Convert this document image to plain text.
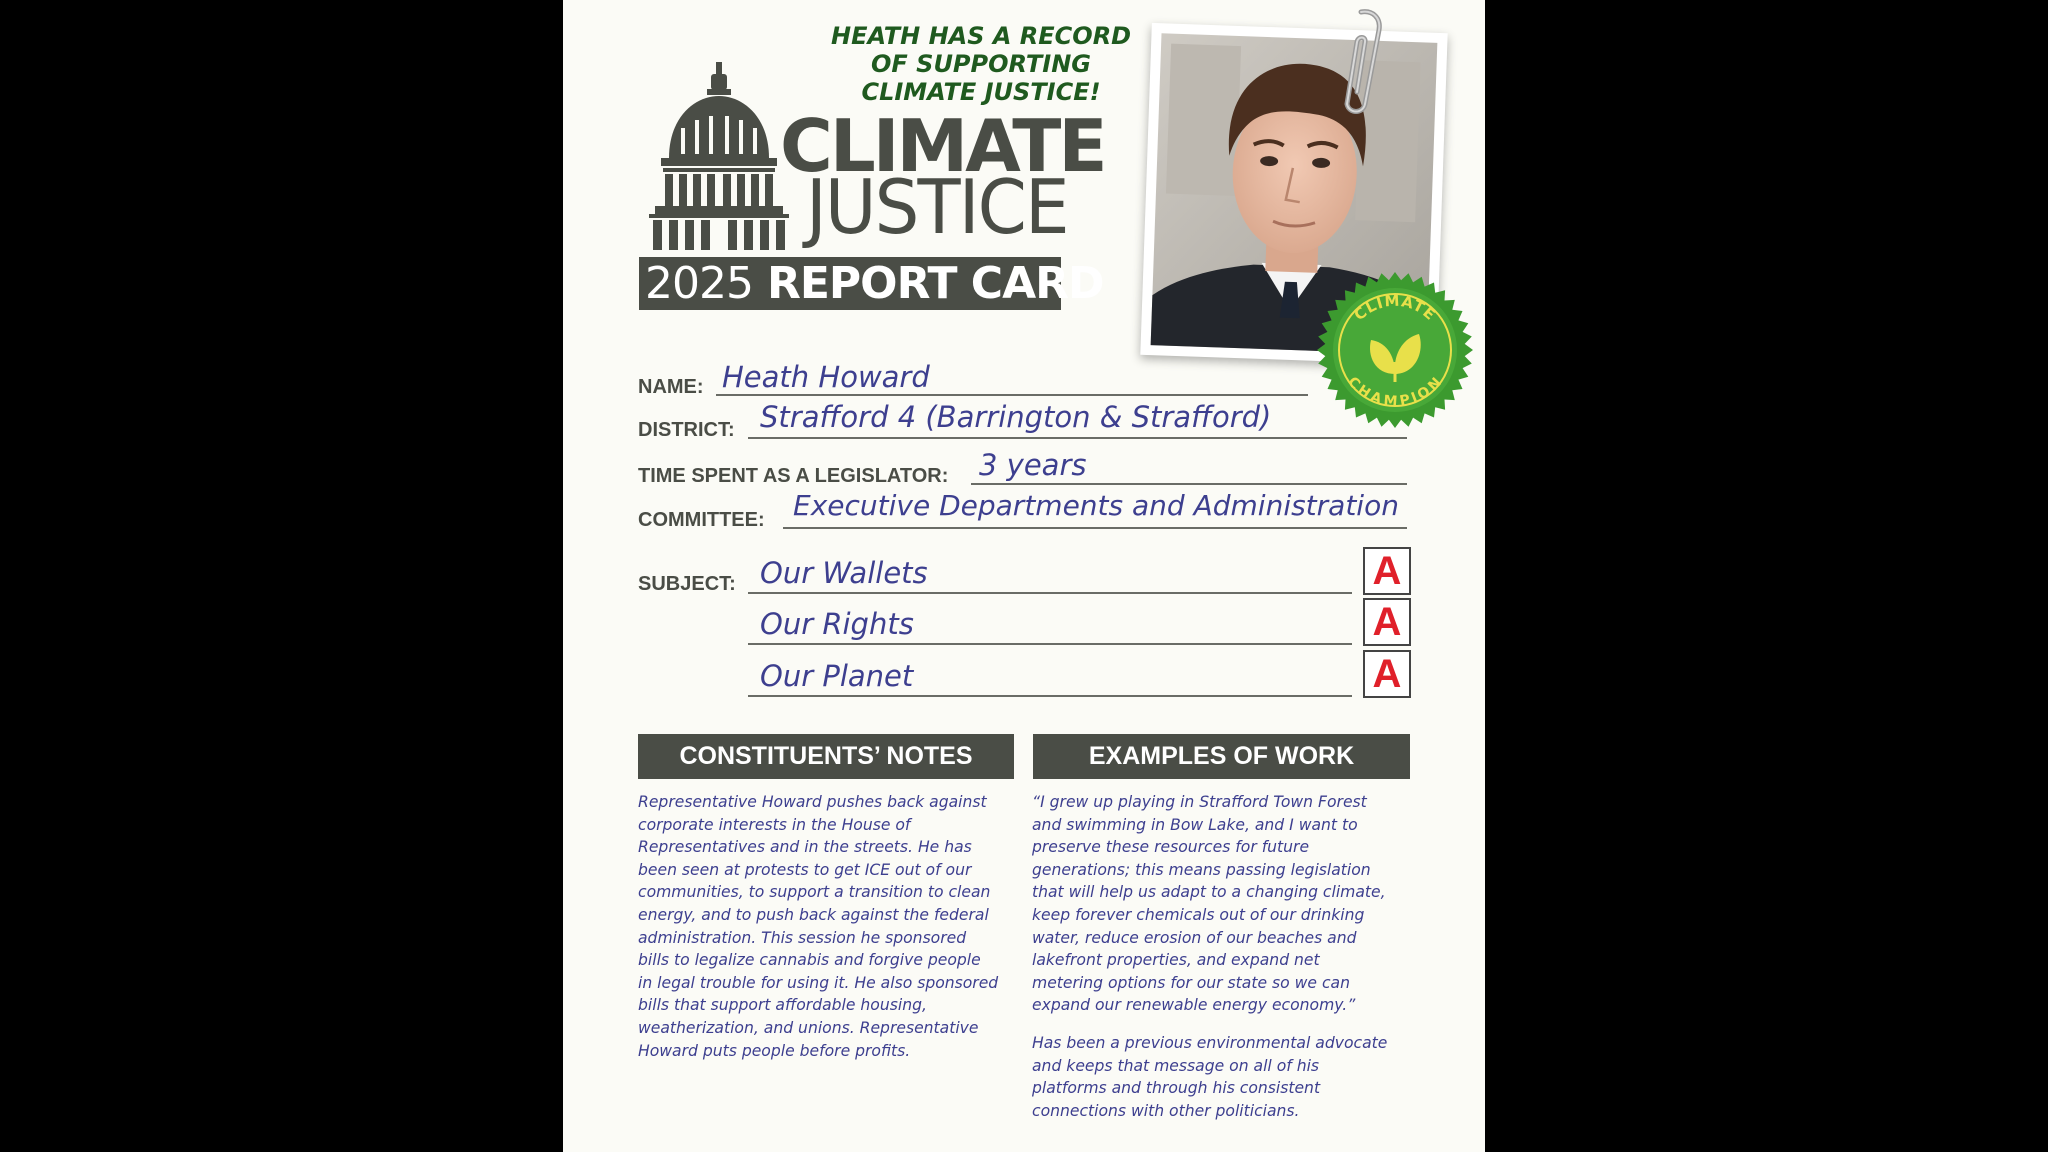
HEATH HAS A RECORD
OF SUPPORTING
CLIMATE JUSTICE!
CLIMATE
JUSTICE
2025 REPORT CARD
CLIMATE
CHAMPION
NAME: Heath Howard
DISTRICT: Strafford 4 (Barrington & Strafford)
TIME SPENT AS A LEGISLATOR: 3 years
COMMITTEE: Executive Departments and Administration
SUBJECT: Our Wallets	A
Our Rights	A
Our Planet	A
CONSTITUENTS’ NOTES	EXAMPLES OF WORK
Representative Howard pushes back against
corporate interests in the House of
Representatives and in the streets. He has
been seen at protests to get ICE out of our
communities, to support a transition to clean
energy, and to push back against the federal
administration. This session he sponsored
bills to legalize cannabis and forgive people
in legal trouble for using it. He also sponsored
bills that support affordable housing,
weatherization, and unions. Representative
Howard puts people before profits.
“I grew up playing in Strafford Town Forest
and swimming in Bow Lake, and I want to
preserve these resources for future
generations; this means passing legislation
that will help us adapt to a changing climate,
keep forever chemicals out of our drinking
water, reduce erosion of our beaches and
lakefront properties, and expand net
metering options for our state so we can
expand our renewable energy economy.”
Has been a previous environmental advocate
and keeps that message on all of his
platforms and through his consistent
connections with other politicians.
